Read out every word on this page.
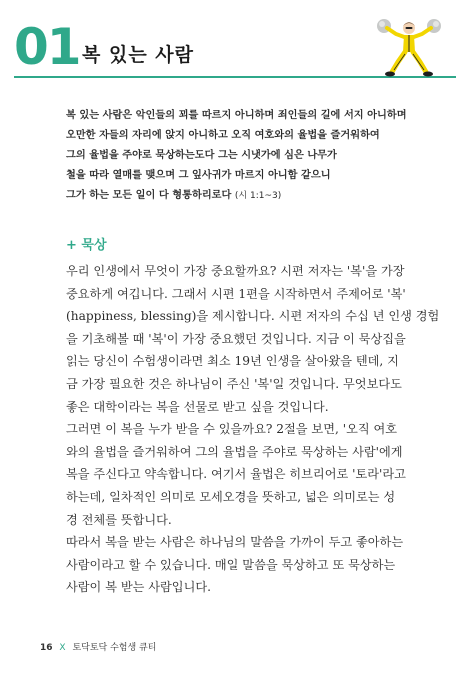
01 복 있는 사람
복 있는 사람은 악인들의 꾀를 따르지 아니하며 죄인들의 길에 서지 아니하며
오만한 자들의 자리에 앉지 아니하고 오직 여호와의 율법을 즐거워하여
그의 율법을 주야로 묵상하는도다 그는 시냇가에 심은 나무가
철을 따라 열매를 맺으며 그 잎사귀가 마르지 아니함 같으니
그가 하는 모든 일이 다 형통하리로다 (시 1:1~3)
+ 묵상
우리 인생에서 무엇이 가장 중요할까요? 시편 저자는 '복'을 가장
중요하게 여깁니다. 그래서 시편 1편을 시작하면서 주제어로 '복'
(happiness, blessing)을 제시합니다. 시편 저자의 수십 년 인생 경험
을 기초해볼 때 '복'이 가장 중요했던 것입니다. 지금 이 묵상집을
읽는 당신이 수험생이라면 최소 19년 인생을 살아왔을 텐데, 지
금 가장 필요한 것은 하나님이 주신 '복'일 것입니다. 무엇보다도
좋은 대학이라는 복을 선물로 받고 싶을 것입니다.
그러면 이 복을 누가 받을 수 있을까요? 2절을 보면, '오직 여호
와의 율법을 즐거워하여 그의 율법을 주야로 묵상하는 사람'에게
복을 주신다고 약속합니다. 여기서 율법은 히브리어로 '토라'라고
하는데, 일차적인 의미로 모세오경을 뜻하고, 넓은 의미로는 성
경 전체를 뜻합니다.
따라서 복을 받는 사람은 하나님의 말씀을 가까이 두고 좋아하는
사람이라고 할 수 있습니다. 매일 말씀을 묵상하고 또 묵상하는
사람이 복 받는 사람입니다.
16 X 토닥토닥 수험생 큐티
